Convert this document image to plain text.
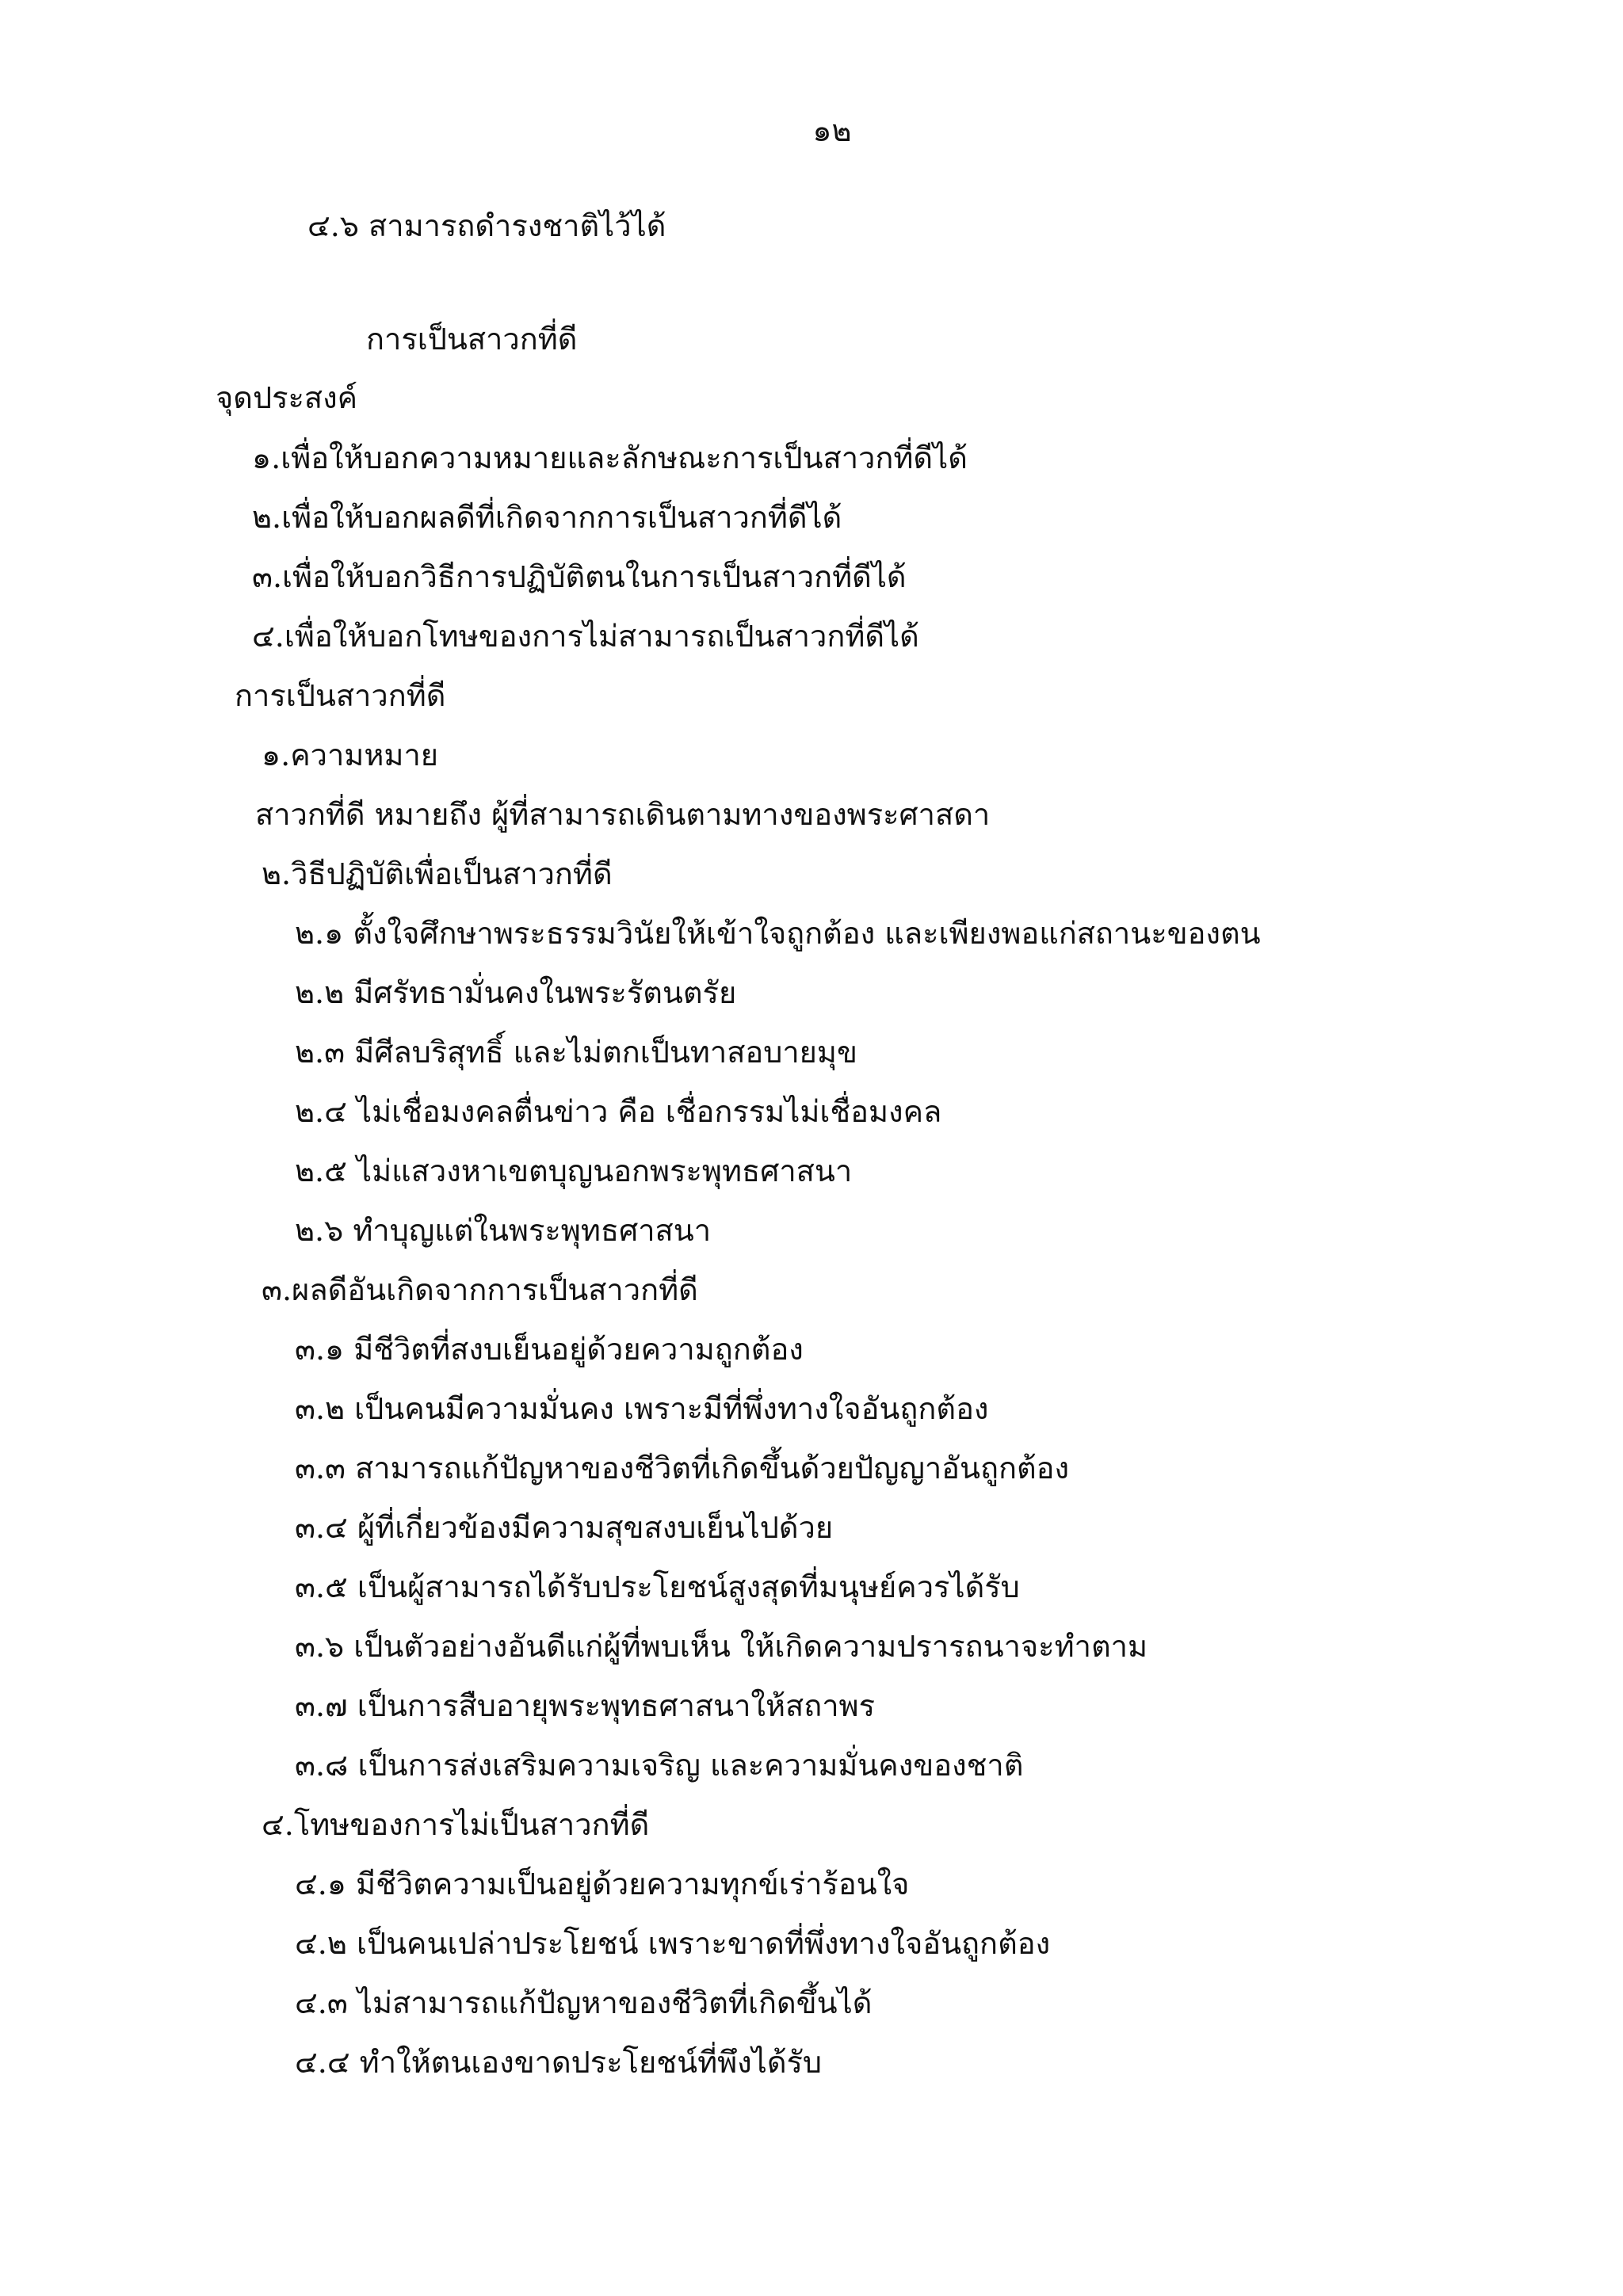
๑๒
๔.๖ สามารถดำรงชาติไว้ได้
การเป็นสาวกที่ดี
จุดประสงค์
๑.เพื่อให้บอกความหมายและลักษณะการเป็นสาวกที่ดีได้
๒.เพื่อให้บอกผลดีที่เกิดจากการเป็นสาวกที่ดีได้
๓.เพื่อให้บอกวิธีการปฏิบัติตนในการเป็นสาวกที่ดีได้
๔.เพื่อให้บอกโทษของการไม่สามารถเป็นสาวกที่ดีได้
การเป็นสาวกที่ดี
๑.ความหมาย
สาวกที่ดี หมายถึง ผู้ที่สามารถเดินตามทางของพระศาสดา
๒.วิธีปฏิบัติเพื่อเป็นสาวกที่ดี
๒.๑ ตั้งใจศึกษาพระธรรมวินัยให้เข้าใจถูกต้อง และเพียงพอแก่สถานะของตน
๒.๒ มีศรัทธามั่นคงในพระรัตนตรัย
๒.๓ มีศีลบริสุทธิ์ และไม่ตกเป็นทาสอบายมุข
๒.๔ ไม่เชื่อมงคลตื่นข่าว คือ เชื่อกรรมไม่เชื่อมงคล
๒.๕ ไม่แสวงหาเขตบุญนอกพระพุทธศาสนา
๒.๖ ทำบุญแต่ในพระพุทธศาสนา
๓.ผลดีอันเกิดจากการเป็นสาวกที่ดี
๓.๑ มีชีวิตที่สงบเย็นอยู่ด้วยความถูกต้อง
๓.๒ เป็นคนมีความมั่นคง เพราะมีที่พึ่งทางใจอันถูกต้อง
๓.๓ สามารถแก้ปัญหาของชีวิตที่เกิดขึ้นด้วยปัญญาอันถูกต้อง
๓.๔ ผู้ที่เกี่ยวข้องมีความสุขสงบเย็นไปด้วย
๓.๕ เป็นผู้สามารถได้รับประโยชน์สูงสุดที่มนุษย์ควรได้รับ
๓.๖ เป็นตัวอย่างอันดีแก่ผู้ที่พบเห็น ให้เกิดความปรารถนาจะทำตาม
๓.๗ เป็นการสืบอายุพระพุทธศาสนาให้สถาพร
๓.๘ เป็นการส่งเสริมความเจริญ และความมั่นคงของชาติ
๔.โทษของการไม่เป็นสาวกที่ดี
๔.๑ มีชีวิตความเป็นอยู่ด้วยความทุกข์เร่าร้อนใจ
๔.๒ เป็นคนเปล่าประโยชน์ เพราะขาดที่พึ่งทางใจอันถูกต้อง
๔.๓ ไม่สามารถแก้ปัญหาของชีวิตที่เกิดขึ้นได้
๔.๔ ทำให้ตนเองขาดประโยชน์ที่พึงได้รับ
